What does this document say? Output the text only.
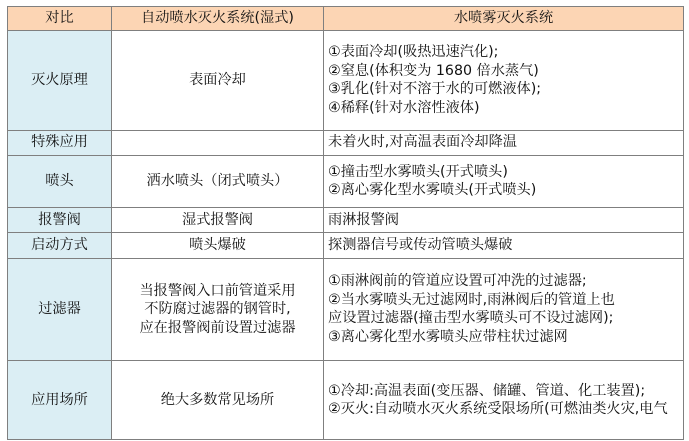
对比	自动喷水灭火系统(湿式)	水喷雾灭火系统
灭火原理	表面冷却	①表面冷却(吸热迅速汽化);
②窒息(体积变为 1680 倍水蒸气)
③乳化(针对不溶于水的可燃液体);
④稀释(针对水溶性液体)

特殊应用		未着火时,对高温表面冷却降温

喷头	洒水喷头（闭式喷头）	①撞击型水雾喷头(开式喷头)
②离心雾化型水雾喷头(开式喷头)

报警阀	湿式报警阀	雨淋报警阀

启动方式	喷头爆破	探测器信号或传动管喷头爆破

过滤器	当报警阀入口前管道采用
不防腐过滤器的钢管时,
应在报警阀前设置过滤器	①雨淋阀前的管道应设置可冲洗的过滤器;
②当水雾喷头无过滤网时,雨淋阀后的管道上也
应设置过滤器(撞击型水雾喷头可不设过滤网);
③离心雾化型水雾喷头应带柱状过滤网

应用场所	绝大多数常见场所	①冷却:高温表面(变压器、储罐、管道、化工装置);
②灭火:自动喷水灭火系统受限场所(可燃油类火灾,电气
